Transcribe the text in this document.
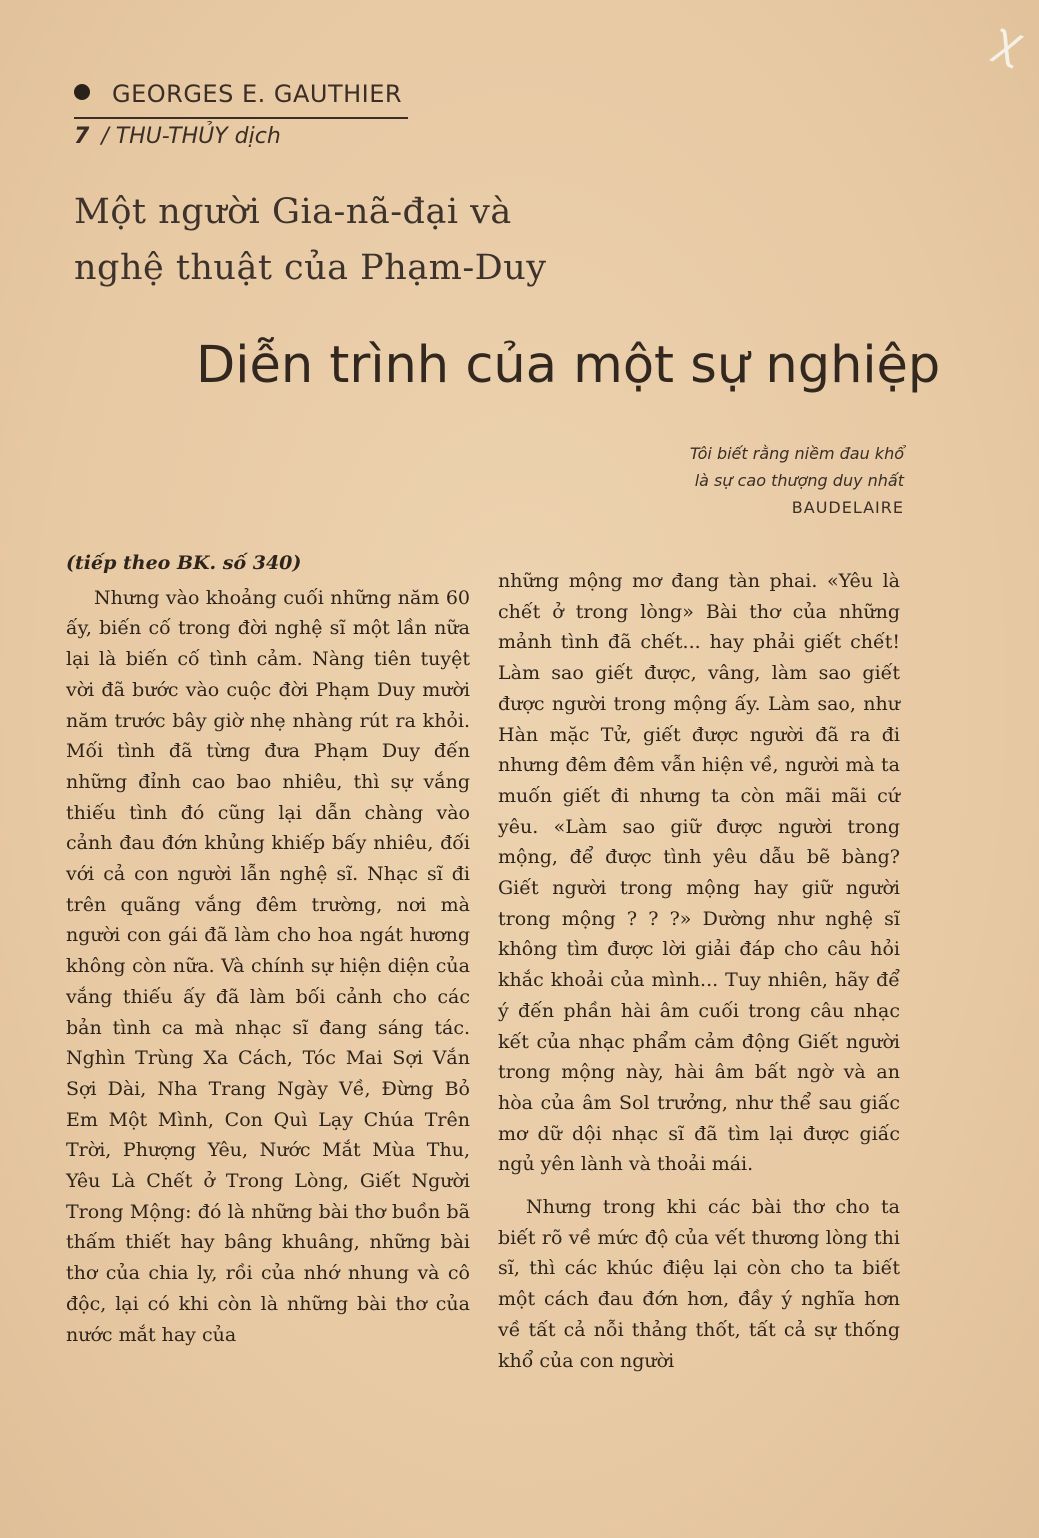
ꭓ
GEORGES E. GAUTHIER
7 / THU-THỦY dịch
Một người Gia-nã-đại và
nghệ thuật của Phạm-Duy
Diễn trình của một sự nghiệp
Tôi biết rằng niềm đau khổ
là sự cao thượng duy nhất
BAUDELAIRE

(tiếp theo BK. số 340)

Nhưng vào khoảng cuối những năm 60 ấy, biến cố trong đời nghệ sĩ một lần nữa lại là biến cố tình cảm. Nàng tiên tuyệt vời đã bước vào cuộc đời Phạm Duy mười năm trước bây giờ nhẹ nhàng rút ra khỏi. Mối tình đã từng đưa Phạm Duy đến những đỉnh cao bao nhiêu, thì sự vắng thiếu tình đó cũng lại dẫn chàng vào cảnh đau đớn khủng khiếp bấy nhiêu, đối với cả con người lẫn nghệ sĩ. Nhạc sĩ đi trên quãng vắng đêm trường, nơi mà người con gái đã làm cho hoa ngát hương không còn nữa. Và chính sự hiện diện của vắng thiếu ấy đã làm bối cảnh cho các bản tình ca mà nhạc sĩ đang sáng tác. Nghìn Trùng Xa Cách, Tóc Mai Sợi Vắn Sợi Dài, Nha Trang Ngày Về, Đừng Bỏ Em Một Mình, Con Quì Lạy Chúa Trên Trời, Phượng Yêu, Nước Mắt Mùa Thu, Yêu Là Chết ở Trong Lòng, Giết Người Trong Mộng: đó là những bài thơ buồn bã thấm thiết hay bâng khuâng, những bài thơ của chia ly, rồi của nhớ nhung và cô độc, lại có khi còn là những bài thơ của nước mắt hay của

những mộng mơ đang tàn phai. «Yêu là chết ở trong lòng» Bài thơ của những mảnh tình đã chết... hay phải giết chết! Làm sao giết được, vâng, làm sao giết được người trong mộng ấy. Làm sao, như Hàn mặc Tử, giết được người đã ra đi nhưng đêm đêm vẫn hiện về, người mà ta muốn giết đi nhưng ta còn mãi mãi cứ yêu. «Làm sao giữ được người trong mộng, để được tình yêu dẫu bẽ bàng? Giết người trong mộng hay giữ người trong mộng ? ? ?» Dường như nghệ sĩ không tìm được lời giải đáp cho câu hỏi khắc khoải của mình... Tuy nhiên, hãy để ý đến phần hài âm cuối trong câu nhạc kết của nhạc phẩm cảm động Giết người trong mộng này, hài âm bất ngờ và an hòa của âm Sol trưởng, như thể sau giấc mơ dữ dội nhạc sĩ đã tìm lại được giấc ngủ yên lành và thoải mái.

Nhưng trong khi các bài thơ cho ta biết rõ về mức độ của vết thương lòng thi sĩ, thì các khúc điệu lại còn cho ta biết một cách đau đớn hơn, đầy ý nghĩa hơn về tất cả nỗi thảng thốt, tất cả sự thống khổ của con người
